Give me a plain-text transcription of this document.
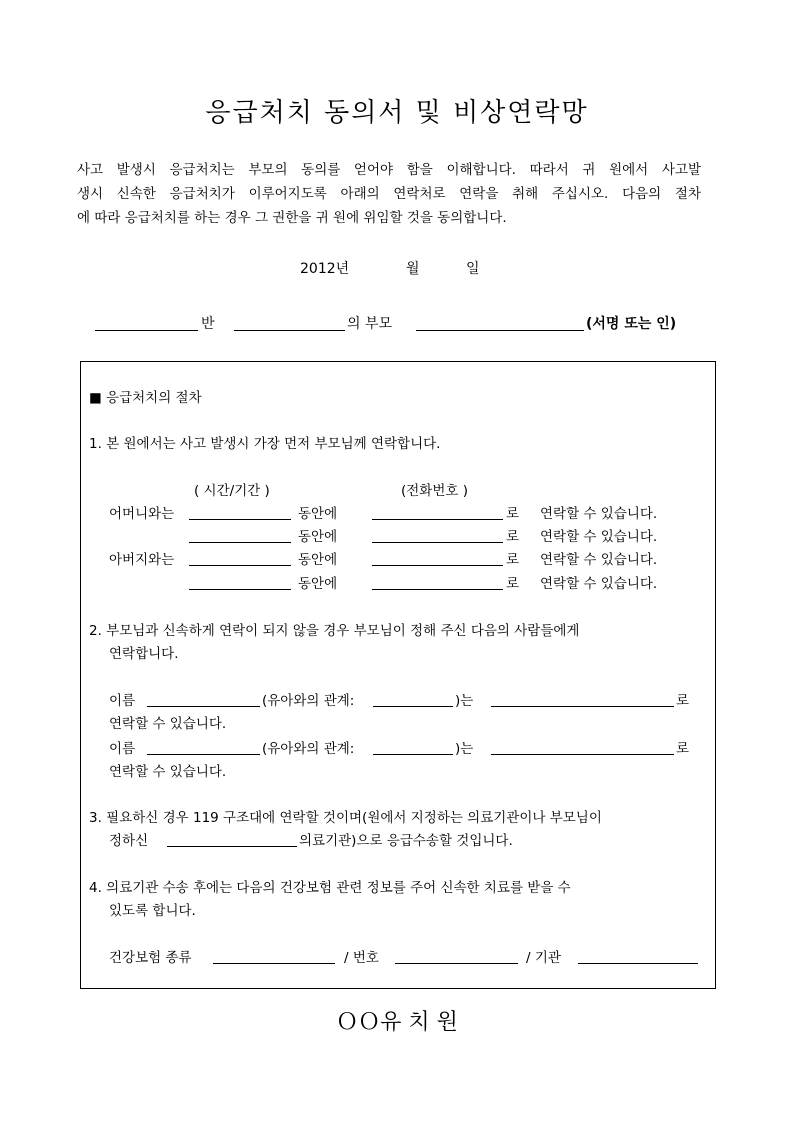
응급처치 동의서 및 비상연락망
사고 발생시 응급처치는 부모의 동의를 얻어야 함을 이해합니다. 따라서 귀 원에서 사고발
생시 신속한 응급처치가 이루어지도록 아래의 연락처로 연락을 취해 주십시오. 다음의 절차
에 따라 응급처치를 하는 경우 그 권한을 귀 원에 위임할 것을 동의합니다.
2012년	월	일
반	의 부모	(서명 또는 인)
■ 응급처치의 절차
1. 본 원에서는 사고 발생시 가장 먼저 부모님께 연락합니다.
( 시간/기간 )	(전화번호 )
어머니와는	동안에	로 연락할 수 있습니다.
동안에	로 연락할 수 있습니다.
아버지와는	동안에	로 연락할 수 있습니다.
동안에	로 연락할 수 있습니다.
2. 부모님과 신속하게 연락이 되지 않을 경우 부모님이 정해 주신 다음의 사람들에게
연락합니다.
이름	(유아와의 관계:	)는	로
연락할 수 있습니다.
이름	(유아와의 관계:	)는	로
연락할 수 있습니다.
3. 필요하신 경우 119 구조대에 연락할 것이며(원에서 지정하는 의료기관이나 부모님이
정하신	의료기관)으로 응급수송할 것입니다.
4. 의료기관 수송 후에는 다음의 건강보험 관련 정보를 주어 신속한 치료를 받을 수
있도록 합니다.
건강보험 종류	/ 번호	/ 기관
ＯＯ유 치 원
